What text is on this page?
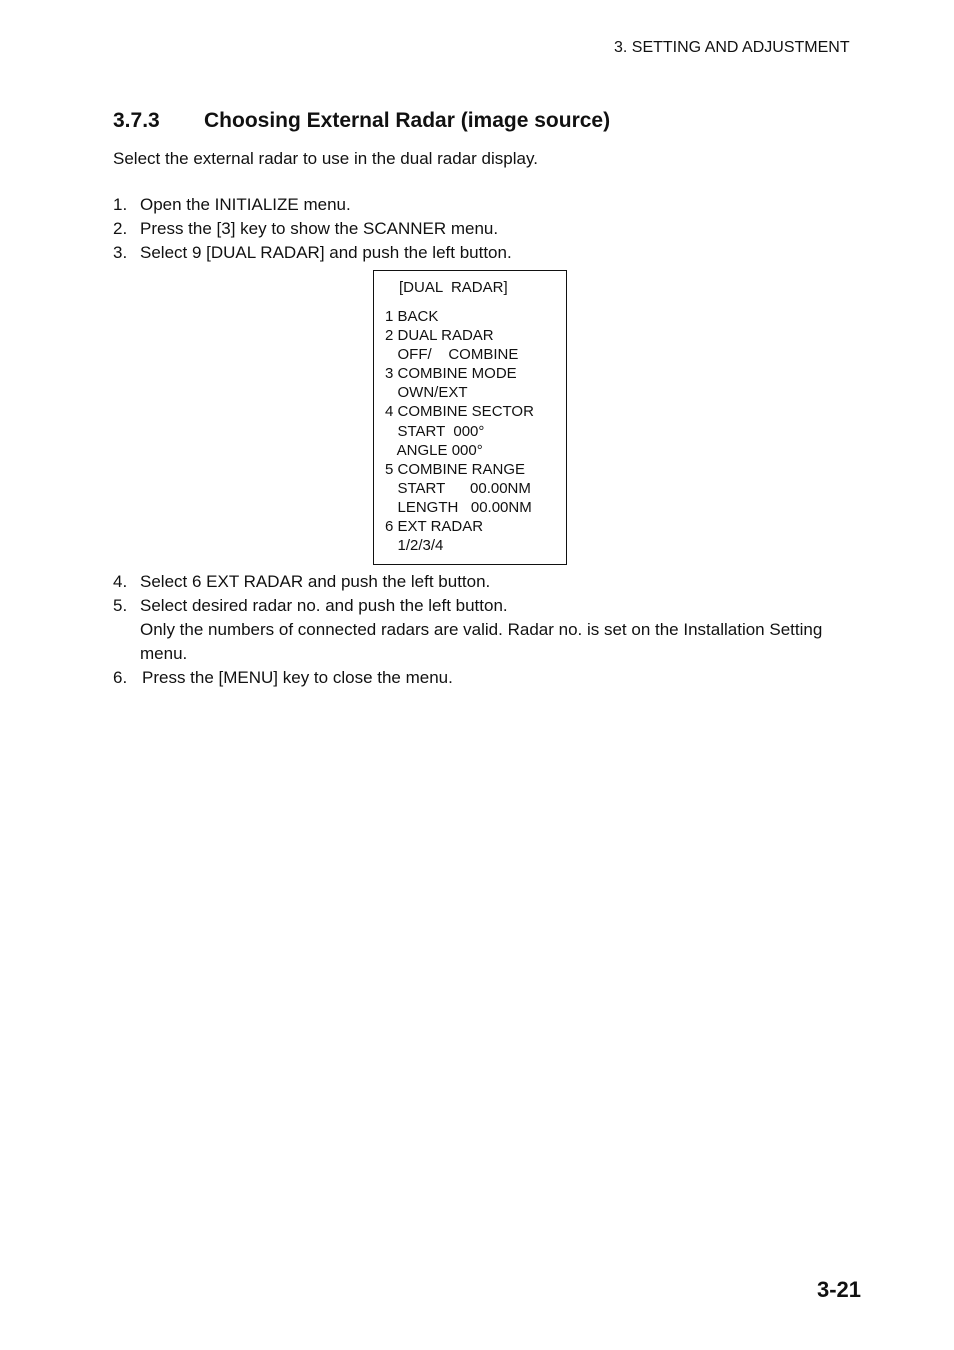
3. SETTING AND ADJUSTMENT
3.7.3 Choosing External Radar (image source)
Select the external radar to use in the dual radar display.
1. Open the INITIALIZE menu.
2. Press the [3] key to show the SCANNER menu.
3. Select 9 [DUAL RADAR] and push the left button.
[DUAL  RADAR]
1 BACK
2 DUAL RADAR
OFF/    COMBINE
3 COMBINE MODE
OWN/EXT
4 COMBINE SECTOR
START  000°
ANGLE 000°
5 COMBINE RANGE
START      00.00NM
LENGTH   00.00NM
6 EXT RADAR
1/2/3/4
4. Select 6 EXT RADAR and push the left button.
5. Select desired radar no. and push the left button.
Only the numbers of connected radars are valid. Radar no. is set on the Installation Setting
menu.
6. Press the [MENU] key to close the menu.
3-21
